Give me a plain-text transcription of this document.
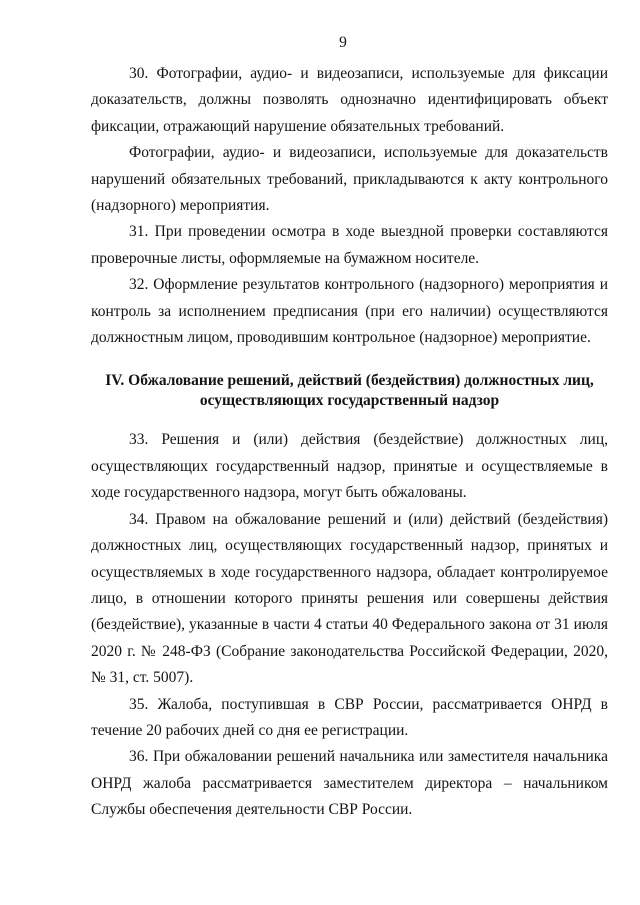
9

30. Фотографии, аудио- и видеозаписи, используемые для фиксации доказательств, должны позволять однозначно идентифицировать объект фиксации, отражающий нарушение обязательных требований.

Фотографии, аудио- и видеозаписи, используемые для доказательств нарушений обязательных требований, прикладываются к акту контрольного (надзорного) мероприятия.

31. При проведении осмотра в ходе выездной проверки составляются проверочные листы, оформляемые на бумажном носителе.

32. Оформление результатов контрольного (надзорного) мероприятия и контроль за исполнением предписания (при его наличии) осуществляются должностным лицом, проводившим контрольное (надзорное) мероприятие.

IV. Обжалование решений, действий (бездействия) должностных лиц,
осуществляющих государственный надзор

33. Решения и (или) действия (бездействие) должностных лиц, осуществляющих государственный надзор, принятые и осуществляемые в ходе государственного надзора, могут быть обжалованы.

34. Правом на обжалование решений и (или) действий (бездействия) должностных лиц, осуществляющих государственный надзор, принятых и осуществляемых в ходе государственного надзора, обладает контролируемое лицо, в отношении которого приняты решения или совершены действия (бездействие), указанные в части 4 статьи 40 Федерального закона от 31 июля 2020 г. № 248-ФЗ (Собрание законодательства Российской Федерации, 2020, № 31, ст. 5007).

35. Жалоба, поступившая в СВР России, рассматривается ОНРД в течение 20 рабочих дней со дня ее регистрации.

36. При обжаловании решений начальника или заместителя начальника ОНРД жалоба рассматривается заместителем директора – начальником Службы обеспечения деятельности СВР России.
